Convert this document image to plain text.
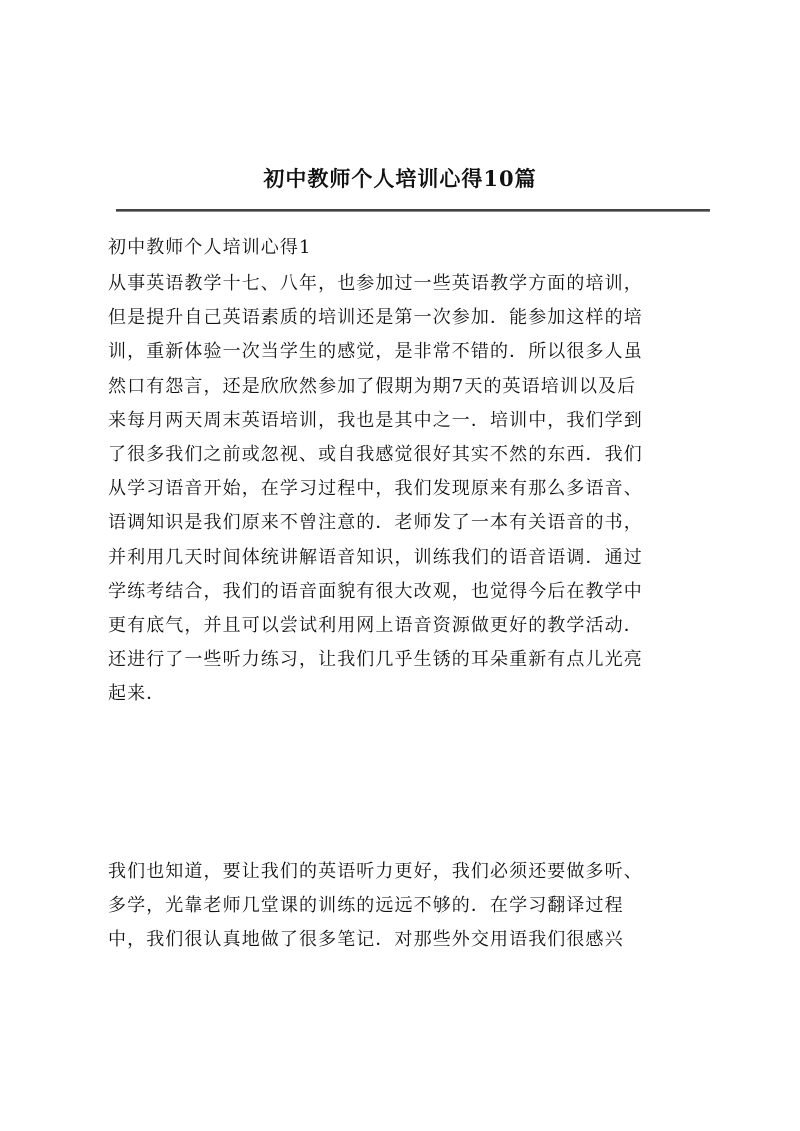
初中教师个人培训心得10篇
初中教师个人培训心得1
从事英语教学十七、八年，也参加过一些英语教学方面的培训，
但是提升自己英语素质的培训还是第一次参加．能参加这样的培
训，重新体验一次当学生的感觉，是非常不错的．所以很多人虽
然口有怨言，还是欣欣然参加了假期为期7天的英语培训以及后
来每月两天周末英语培训，我也是其中之一．培训中，我们学到
了很多我们之前或忽视、或自我感觉很好其实不然的东西．我们
从学习语音开始，在学习过程中，我们发现原来有那么多语音、
语调知识是我们原来不曾注意的．老师发了一本有关语音的书，
并利用几天时间体统讲解语音知识，训练我们的语音语调．通过
学练考结合，我们的语音面貌有很大改观，也觉得今后在教学中
更有底气，并且可以尝试利用网上语音资源做更好的教学活动．
还进行了一些听力练习，让我们几乎生锈的耳朵重新有点儿光亮
起来．
我们也知道，要让我们的英语听力更好，我们必须还要做多听、
多学，光靠老师几堂课的训练的远远不够的．在学习翻译过程
中，我们很认真地做了很多笔记．对那些外交用语我们很感兴
